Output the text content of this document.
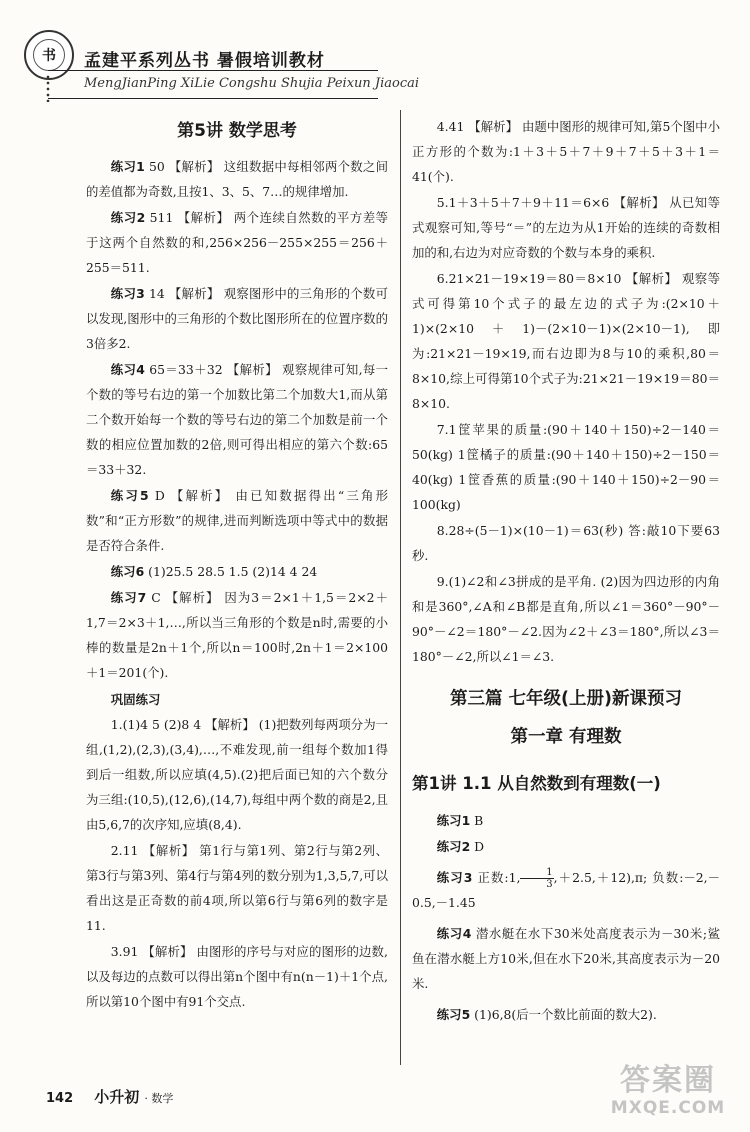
书	孟建平系列丛书 暑假培训教材
MengJianPing XiLie Congshu Shujia Peixun Jiaocai
第5讲 数学思考

练习1 50 【解析】 这组数据中每相邻两个数之间的差值都为奇数,且按1、3、5、7…的规律增加.

练习2 511 【解析】 两个连续自然数的平方差等于这两个自然数的和,256×256－255×255＝256＋255＝511.

练习3 14 【解析】 观察图形中的三角形的个数可以发现,图形中的三角形的个数比图形所在的位置序数的3倍多2.

练习4 65＝33＋32 【解析】 观察规律可知,每一个数的等号右边的第一个加数比第二个加数大1,而从第二个数开始每一个数的等号右边的第二个加数是前一个数的相应位置加数的2倍,则可得出相应的第六个数:65＝33＋32.

练习5 D 【解析】 由已知数据得出“三角形数”和“正方形数”的规律,进而判断选项中等式中的数据是否符合条件.

练习6 (1)25.5 28.5 1.5 (2)14 4 24

练习7 C 【解析】 因为3＝2×1＋1,5＝2×2＋1,7＝2×3＋1,…,所以当三角形的个数是n时,需要的小棒的数量是2n＋1个,所以n＝100时,2n＋1＝2×100＋1＝201(个).

巩固练习

1.(1)4 5 (2)8 4 【解析】 (1)把数列每两项分为一组,(1,2),(2,3),(3,4),…,不难发现,前一组每个数加1得到后一组数,所以应填(4,5).(2)把后面已知的六个数分为三组:(10,5),(12,6),(14,7),每组中两个数的商是2,且由5,6,7的次序知,应填(8,4).

2.11 【解析】 第1行与第1列、第2行与第2列、第3行与第3列、第4行与第4列的数分别为1,3,5,7,可以看出这是正奇数的前4项,所以第6行与第6列的数字是11.

3.91 【解析】 由图形的序号与对应的图形的边数,以及每边的点数可以得出第n个图中有n(n－1)＋1个点,所以第10个图中有91个交点.

4.41 【解析】 由题中图形的规律可知,第5个图中小正方形的个数为:1＋3＋5＋7＋9＋7＋5＋3＋1＝41(个).

5.1＋3＋5＋7＋9＋11＝6×6 【解析】 从已知等式观察可知,等号“＝”的左边为从1开始的连续的奇数相加的和,右边为对应奇数的个数与本身的乘积.

6.21×21－19×19＝80＝8×10 【解析】 观察等式可得第10个式子的最左边的式子为:(2×10＋1)×(2×10＋1)－(2×10－1)×(2×10－1),即为:21×21－19×19,而右边即为8与10的乘积,80＝8×10,综上可得第10个式子为:21×21－19×19＝80＝8×10.

7.1筐苹果的质量:(90＋140＋150)÷2－140＝50(kg) 1筐橘子的质量:(90＋140＋150)÷2－150＝40(kg) 1筐香蕉的质量:(90＋140＋150)÷2－90＝100(kg)

8.28÷(5－1)×(10－1)＝63(秒) 答:敲10下要63秒.

9.(1)∠2和∠3拼成的是平角. (2)因为四边形的内角和是360°,∠A和∠B都是直角,所以∠1＝360°－90°－90°－∠2＝180°－∠2.因为∠2＋∠3＝180°,所以∠3＝180°－∠2,所以∠1＝∠3.

第三篇 七年级(上册)新课预习
第一章 有理数
第1讲 1.1 从自然数到有理数(一)

练习1 B

练习2 D

练习3 正数:1, $\frac{1}{3} ,+2.5,+12),\pi$; 负数:－2,－0.5,－1.45

练习4 潜水艇在水下30米处高度表示为－30米;鲨鱼在潜水艇上方10米,但在水下20米,其高度表示为－20米.

练习5 (1)6,8(后一个数比前面的数大2).

142 小升初 · 数学
答案圈
MXQE.COM
